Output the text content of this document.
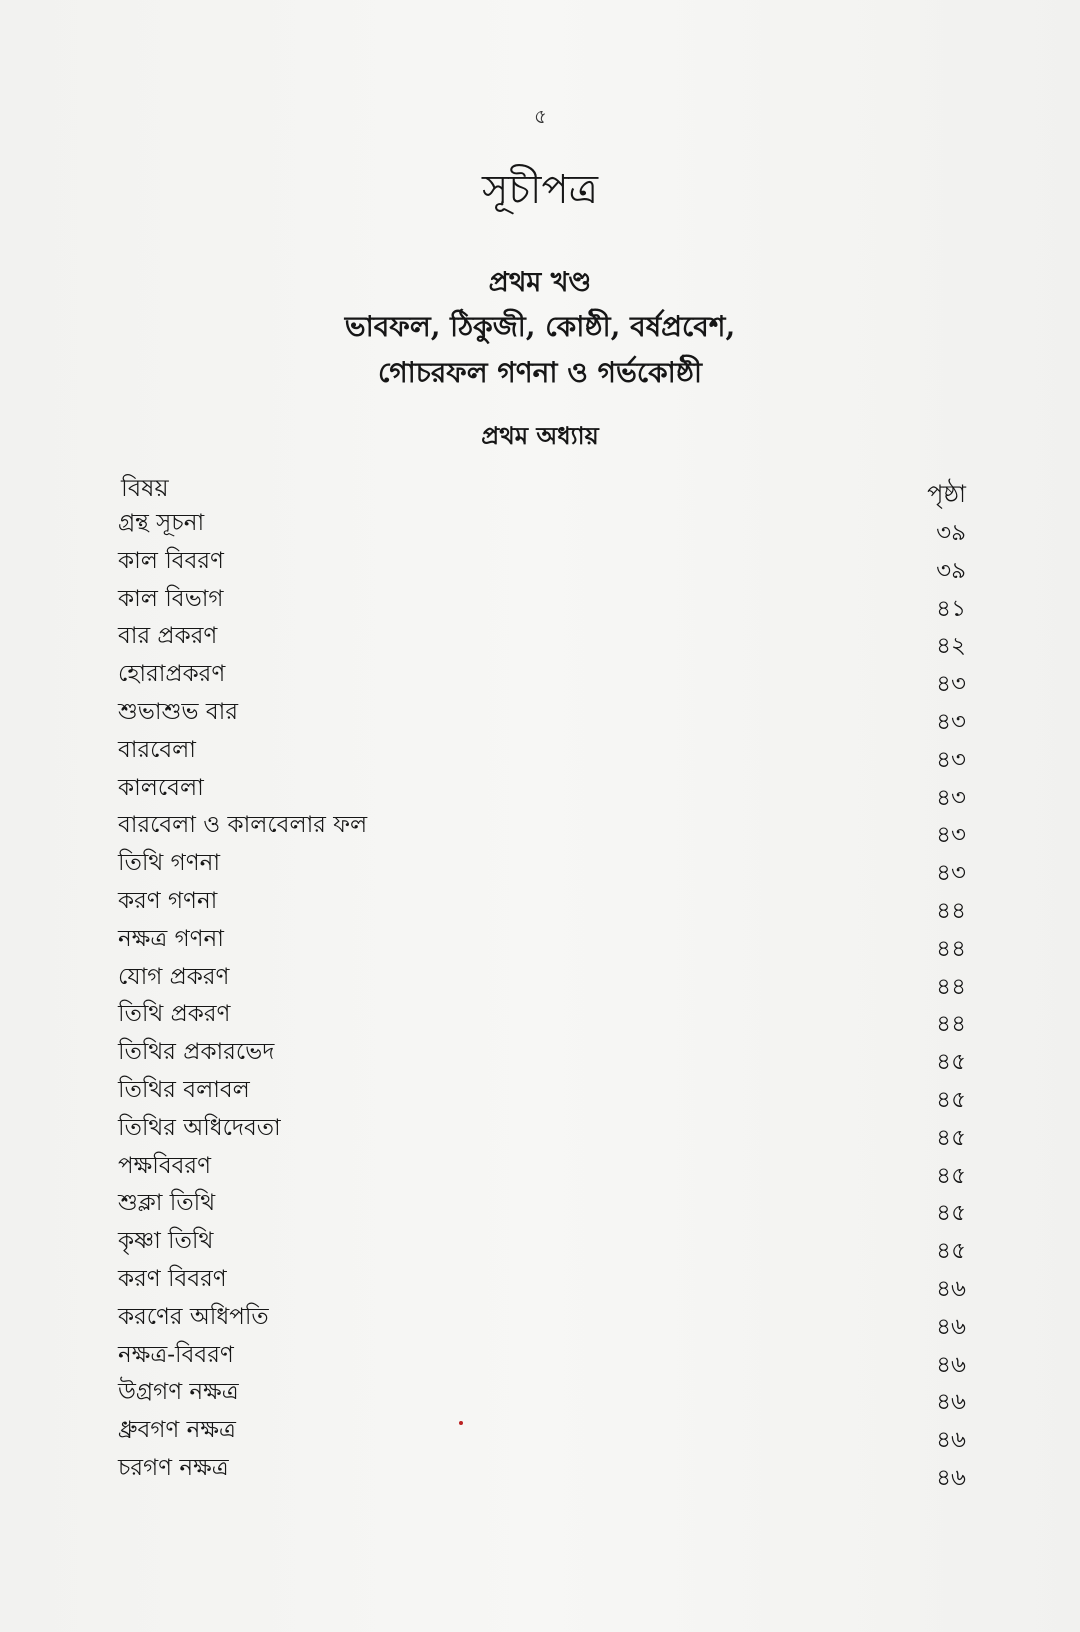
৫
সূচীপত্র
প্রথম খণ্ড
ভাবফল, ঠিকুজী, কোষ্ঠী, বর্ষপ্রবেশ,
গোচরফল গণনা ও গর্ভকোষ্ঠী
প্রথম অধ্যায়
বিষয়	পৃষ্ঠা
গ্রন্থ সূচনা	৩৯
কাল বিবরণ	৩৯
কাল বিভাগ	৪১
বার প্রকরণ	৪২
হোরাপ্রকরণ	৪৩
শুভাশুভ বার	৪৩
বারবেলা	৪৩
কালবেলা	৪৩
বারবেলা ও কালবেলার ফল	৪৩
তিথি গণনা	৪৩
করণ গণনা	৪৪
নক্ষত্র গণনা	৪৪
যোগ প্রকরণ	৪৪
তিথি প্রকরণ	৪৪
তিথির প্রকারভেদ	৪৫
তিথির বলাবল	৪৫
তিথির অধিদেবতা	৪৫
পক্ষবিবরণ	৪৫
শুক্লা তিথি	৪৫
কৃষ্ণা তিথি	৪৫
করণ বিবরণ	৪৬
করণের অধিপতি	৪৬
নক্ষত্র-বিবরণ	৪৬
উগ্রগণ নক্ষত্র	৪৬
ধ্রুবগণ নক্ষত্র	৪৬
চরগণ নক্ষত্র	৪৬
